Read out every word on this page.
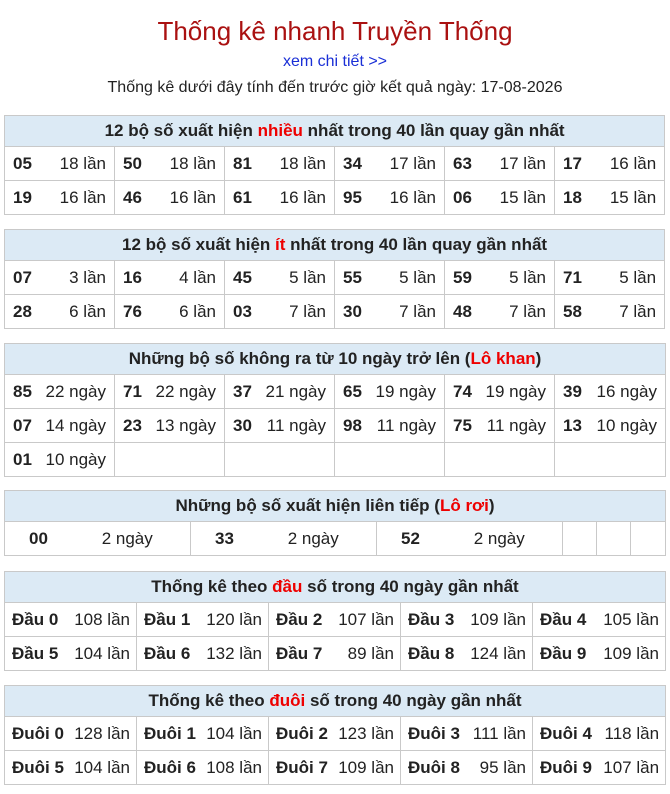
Thống kê nhanh Truyền Thống
xem chi tiết >>
Thống kê dưới đây tính đến trước giờ kết quả ngày: 17-08-2026
12 bộ số xuất hiện nhiều nhất trong 40 lần quay gần nhất											
05	18 lần	50	18 lần	81	18 lần	34	17 lần	63	17 lần	17	16 lần
19	16 lần	46	16 lần	61	16 lần	95	16 lần	06	15 lần	18	15 lần
12 bộ số xuất hiện ít nhất trong 40 lần quay gần nhất											
07	3 lần	16	4 lần	45	5 lần	55	5 lần	59	5 lần	71	5 lần
28	6 lần	76	6 lần	03	7 lần	30	7 lần	48	7 lần	58	7 lần
Những bộ số không ra từ 10 ngày trở lên (Lô khan)											
85	22 ngày	71	22 ngày	37	21 ngày	65	19 ngày	74	19 ngày	39	16 ngày
07	14 ngày	23	13 ngày	30	11 ngày	98	11 ngày	75	11 ngày	13	10 ngày
01	10 ngày										
Những bộ số xuất hiện liên tiếp (Lô rơi)
00	2 ngày	33	2 ngày	52	2 ngày			
Thống kê theo đầu số trong 40 ngày gần nhất									
Đầu 0	108 lần	Đầu 1	120 lần	Đầu 2	107 lần	Đầu 3	109 lần	Đầu 4	105 lần
Đầu 5	104 lần	Đầu 6	132 lần	Đầu 7	89 lần	Đầu 8	124 lần	Đầu 9	109 lần
Thống kê theo đuôi số trong 40 ngày gần nhất									
Đuôi 0	128 lần	Đuôi 1	104 lần	Đuôi 2	123 lần	Đuôi 3	111 lần	Đuôi 4	118 lần
Đuôi 5	104 lần	Đuôi 6	108 lần	Đuôi 7	109 lần	Đuôi 8	95 lần	Đuôi 9	107 lần
